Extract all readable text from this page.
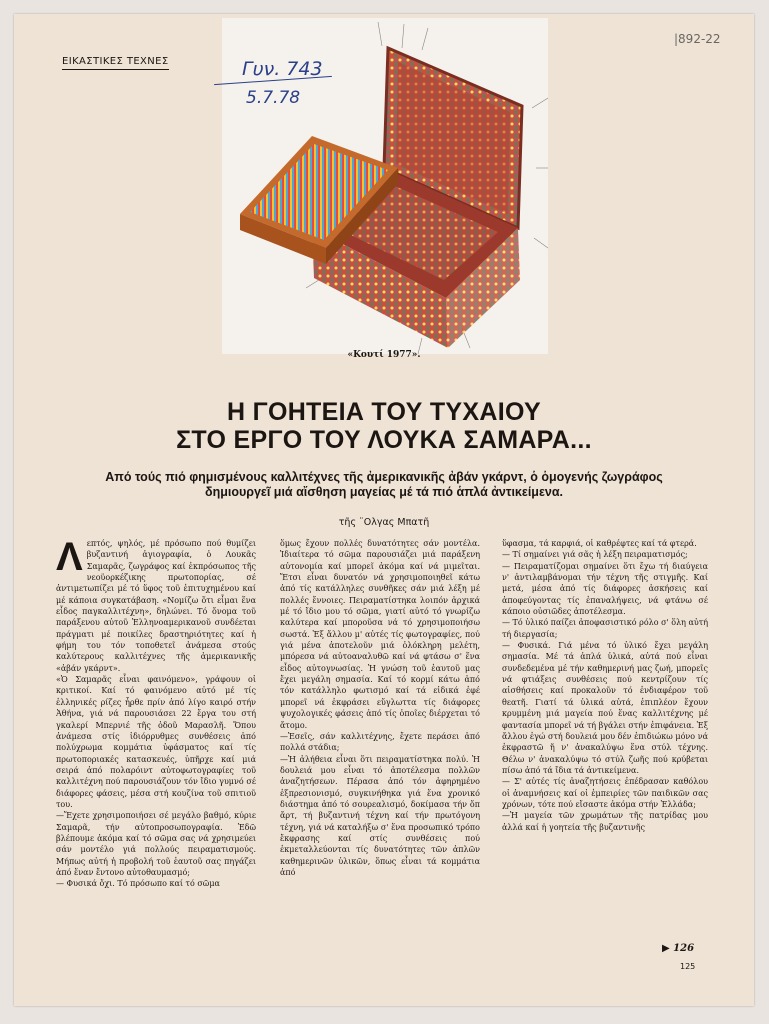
ΕΙΚΑΣΤΙΚΕΣ ΤΕΧΝΕΣ
|892-22
Γυν. 743
5.7.78
«Κουτί 1977».
Η ΓΟΗΤΕΙΑ ΤΟΥ ΤΥΧΑΙΟΥ
ΣΤΟ ΕΡΓΟ ΤΟΥ ΛΟΥΚΑ ΣΑΜΑΡΑ...
Από τούς πιό φημισμένους καλλιτέχνες τῆς ἀμερικανικῆς ἀβάν γκάρντ, ὁ ὁμογενής ζωγράφος δημιουργεῖ μιά αἴσθηση μαγείας μέ τά πιό ἁπλά ἀντικείμενα.
τῆς ¨Ολγας Μπατῆ

Λεπτός, ψηλός, μέ πρόσωπο πού θυμίζει βυζαντινή ἁγιογραφία, ὁ Λουκᾶς Σαμαρᾶς, ζωγράφος καί ἐκπρόσωπος τῆς νεοϋορκέζικης πρωτοπορίας, σέ ἀντιμετωπίζει μέ τό ὕφος τοῦ ἐπιτυχημένου καί μέ κάποια συγκατάβαση. «Νομίζω ὅτι εἶμαι ἕνα εἶδος παγκαλλιτέχνη», δηλώνει. Τό ὄνομα τοῦ παράξενου αὐτοῦ Ἑλληνοαμερικανοῦ συνδέεται πράγματι μέ ποικίλες δραστηριότητες καί ἡ φήμη του τόν τοποθετεῖ ἀνάμεσα στούς καλύτερους καλλιτέχνες τῆς ἀμερικανικῆς «ἀβάν γκάρντ».

«Ὁ Σαμαρᾶς εἶναι φαινόμενο», γράφουν οἱ κριτικοί. Καί τό φαινόμενο αὐτό μέ τίς ἑλληνικές ρίζες ἦρθε πρίν ἀπό λίγο καιρό στήν Ἀθήνα, γιά νά παρουσιάσει 22 ἔργα του στή γκαλερί Μπερνιέ τῆς ὁδοῦ Μαρασλῆ. Ὅπου ἀνάμεσα στίς ἰδιόρρυθμες συνθέσεις ἀπό πολύχρωμα κομμάτια ὑφάσματος καί τίς πρωτοποριακές κατασκευές, ὑπῆρχε καί μιά σειρά ἀπό πολαρόιντ αὐτοφωτογραφίες τοῦ καλλιτέχνη πού παρουσιάζουν τόν ἴδιο γυμνό σέ διάφορες φάσεις, μέσα στή κουζίνα τοῦ σπιτιοῦ του.

—Ἔχετε χρησιμοποιήσει σέ μεγάλο βαθμό, κύριε Σαμαρᾶ, τήν αὐτοπροσωπογραφία. Ἐδῶ βλέπουμε ἀκόμα καί τό σῶμα σας νά χρησιμεύει σάν μοντέλο γιά πολλούς πειραματισμούς. Μήπως αὐτή ἡ προβολή τοῦ ἑαυτοῦ σας πηγάζει ἀπό ἕναν ἔντονο αὐτοθαυμασμό;

— Φυσικά ὄχι. Τό πρόσωπο καί τό σῶμα

ὅμως ἔχουν πολλές δυνατότητες σάν μοντέλα. Ἰδιαίτερα τό σῶμα παρουσιάζει μιά παράξενη αὐτονομία καί μπορεῖ ἀκόμα καί νά μιμεῖται. Ἔτσι εἶναι δυνατόν νά χρησιμοποιηθεῖ κάτω ἀπό τίς κατάλληλες συνθῆκες σάν μιά λέξη μέ πολλές ἔννοιες. Πειραματίστηκα λοιπόν ἀρχικά μέ τό ἴδιο μου τό σῶμα, γιατί αὐτό τό γνωρίζω καλύτερα καί μποροῦσα νά τό χρησιμοποιήσω σωστά. Ἐξ ἄλλου μ' αὐτές τίς φωτογραφίες, πού γιά μένα ἀποτελοῦν μιά ὁλόκληρη μελέτη, μπόρεσα νά αὐτοαναλυθῶ καί νά φτάσω σ' ἕνα εἶδος αὐτογνωσίας. Ἡ γνώση τοῦ ἑαυτοῦ μας ἔχει μεγάλη σημασία. Καί τό κορμί κάτω ἀπό τόν κατάλληλο φωτισμό καί τά εἰδικά ἐφέ μπορεῖ νά ἐκφράσει εὔγλωττα τίς διάφορες ψυχολογικές φάσεις ἀπό τίς ὁποῖες διέρχεται τό ἄτομο.

—Ἐσεῖς, σάν καλλιτέχνης, ἔχετε περάσει ἀπό πολλά στάδια;

—Ἡ ἀλήθεια εἶναι ὅτι πειραματίστηκα πολύ. Ἡ δουλειά μου εἶναι τό ἀποτέλεσμα πολλῶν ἀναζητήσεων. Πέρασα ἀπό τόν ἀφηρημένο ἐξπρεσιονισμό, συγκινήθηκα γιά ἕνα χρονικό διάστημα ἀπό τό σουρεαλισμό, δοκίμασα τήν ὄπ ἄρτ, τή βυζαντινή τέχνη καί τήν πρωτόγονη τέχνη, γιά νά καταλήξω σ' ἕνα προσωπικό τρόπο ἔκφρασης καί στίς συνθέσεις πού ἐκμεταλλεύονται τίς δυνατότητες τῶν ἁπλῶν καθημερινῶν ὑλικῶν, ὅπως εἶναι τά κομμάτια ἀπό

ὕφασμα, τά καρφιά, οἱ καθρέφτες καί τά φτερά.

— Τί σημαίνει γιά σᾶς ἡ λέξη πειραματισμός;

— Πειραματίζομαι σημαίνει ὅτι ἔχω τή διαύγεια ν' ἀντιλαμβάνομαι τήν τέχνη τῆς στιγμῆς. Καί μετά, μέσα ἀπό τίς διάφορες ἀσκήσεις καί ἀποφεύγοντας τίς ἐπαναλήψεις, νά φτάνω σέ κάποιο οὐσιῶδες ἀποτέλεσμα.

— Τό ὑλικό παίζει ἀποφασιστικό ρόλο σ' ὅλη αὐτή τή διεργασία;

— Φυσικά. Γιά μένα τό ὑλικό ἔχει μεγάλη σημασία. Μέ τά ἁπλά ὑλικά, αὐτά πού εἶναι συνδεδεμένα μέ τήν καθημερινή μας ζωή, μπορεῖς νά φτιάξεις συνθέσεις πού κεντρίζουν τίς αἰσθήσεις καί προκαλοῦν τό ἐνδιαφέρον τοῦ θεατῆ. Γιατί τά ὑλικά αὐτά, ἐπιπλέον ἔχουν κρυμμένη μιά μαγεία πού ἕνας καλλιτέχνης μέ φαντασία μπορεῖ νά τή βγάλει στήν ἐπιφάνεια. Ἐξ ἄλλου ἐγώ στή δουλειά μου δέν ἐπιδιώκω μόνο νά ἐκφραστῶ ἤ ν' ἀνακαλύψω ἕνα στύλ τέχνης. Θέλω ν' ἀνακαλύψω τό στύλ ζωῆς πού κρύβεται πίσω ἀπό τά ἴδια τά ἀντικείμενα.

— Σ' αὐτές τίς ἀναζητήσεις ἐπέδρασαν καθόλου οἱ ἀναμνήσεις καί οἱ ἐμπειρίες τῶν παιδικῶν σας χρόνων, τότε πού εἴσαστε ἀκόμα στήν Ἑλλάδα;

—Ἡ μαγεία τῶν χρωμάτων τῆς πατρίδας μου ἀλλά καί ἡ γοητεία τῆς βυζαντινῆς

▶ 126
125
